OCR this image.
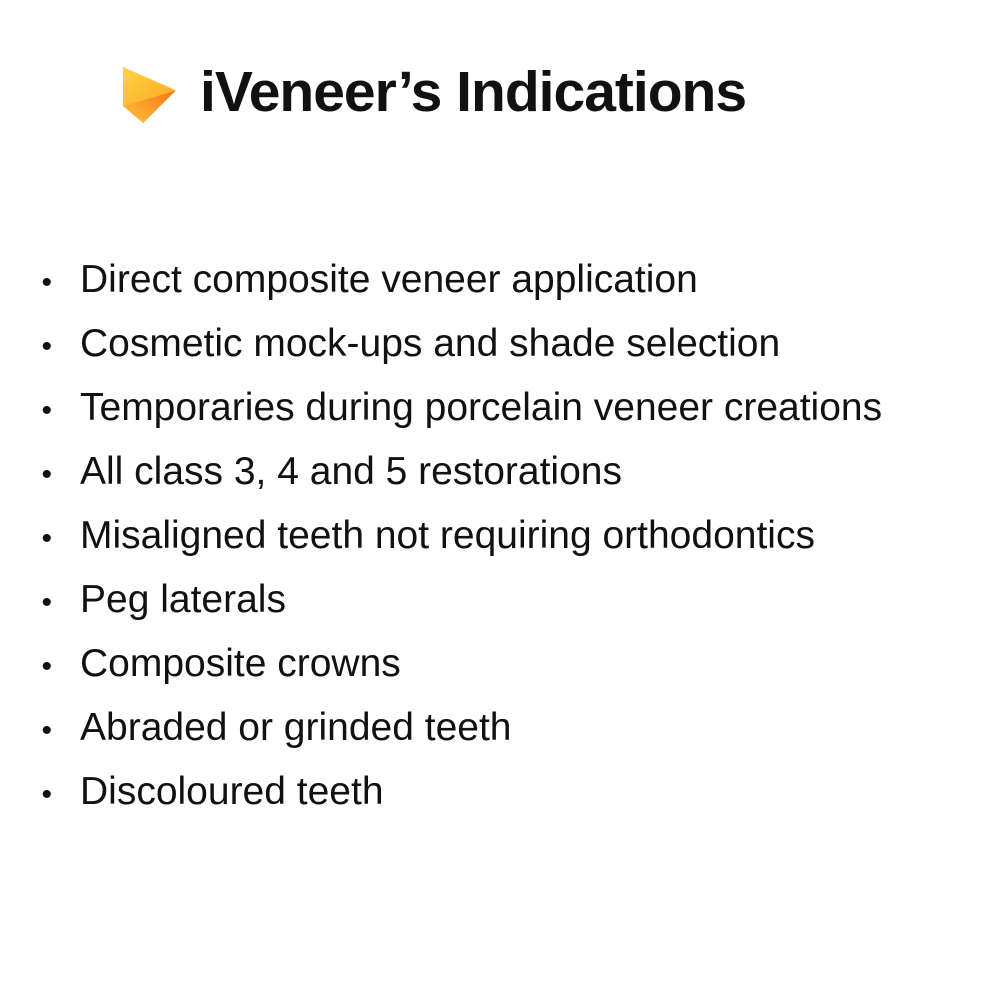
iVeneer’s Indications
• Direct composite veneer application
• Cosmetic mock-ups and shade selection
• Temporaries during porcelain veneer creations
• All class 3, 4 and 5 restorations
• Misaligned teeth not requiring orthodontics
• Peg laterals
• Composite crowns
• Abraded or grinded teeth
• Discoloured teeth
